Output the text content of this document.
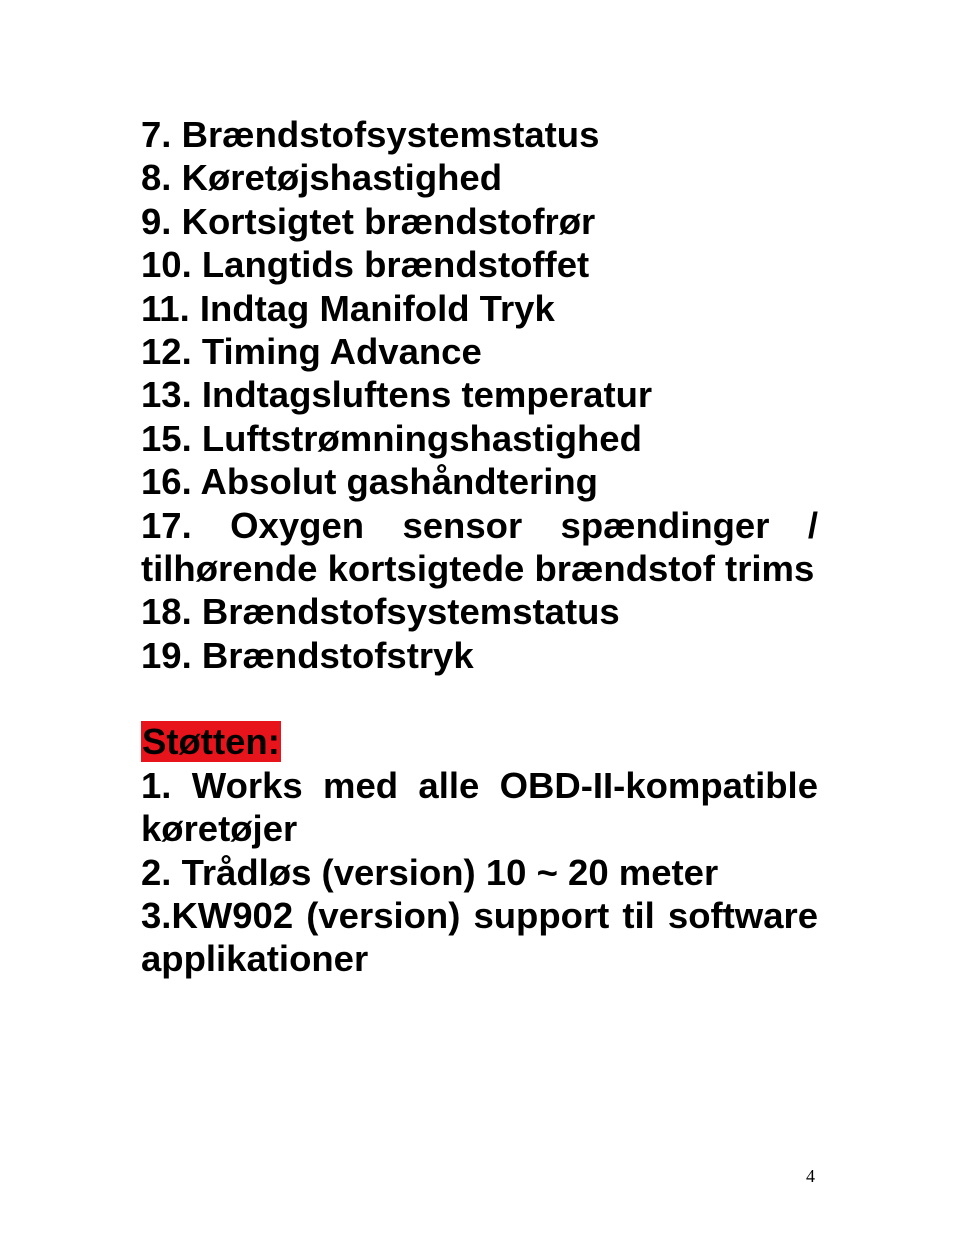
7. Brændstofsystemstatus

8. Køretøjshastighed

9. Kortsigtet brændstofrør

10. Langtids brændstoffet

11. Indtag Manifold Tryk

12. Timing Advance

13. Indtagsluftens temperatur

15. Luftstrømningshastighed

16. Absolut gashåndtering

17. Oxygen sensor spændinger / tilhørende kortsigtede brændstof trims

18. Brændstofsystemstatus

19. Brændstofstryk

Støtten:

1. Works med alle OBD-II-kompatible køretøjer

2. Trådløs (version) 10 ~ 20 meter

3.KW902 (version) support til software applikationer

4
